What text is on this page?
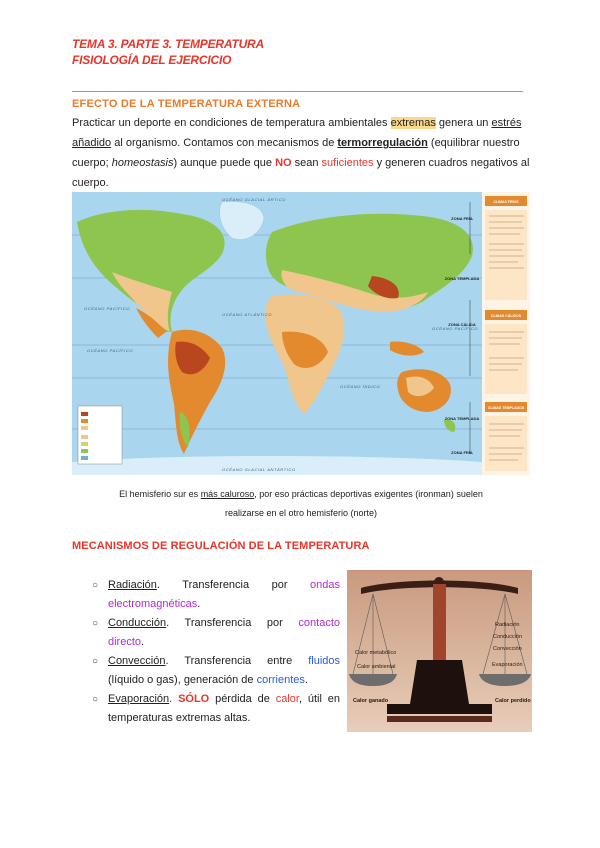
TEMA 3. PARTE 3. TEMPERATURA
FISIOLOGÍA DEL EJERCICIO
EFECTO DE LA TEMPERATURA EXTERNA
Practicar un deporte en condiciones de temperatura ambientales extremas genera un estrés añadido al organismo. Contamos con mecanismos de termorregulación (equilibrar nuestro cuerpo; homeostasis) aunque puede que NO sean suficientes y generen cuadros negativos al cuerpo.
OCÉANO GLACIAL ÁRTICO
OCÉANO GLACIAL ANTÁRTICO
OCÉANO PACÍFICO
OCÉANO PACÍFICO
OCÉANO ATLÁNTICO
OCÉANO ÍNDICO
OCÉANO PACÍFICO
ZONA FRÍA
ZONA TEMPLADA
ZONA CÁLIDA
ZONA TEMPLADA
ZONA FRÍA
CLIMAS FRÍOS
CLIMAS CÁLIDOS
CLIMAS TEMPLADOS
El hemisferio sur es más caluroso, por eso prácticas deportivas exigentes (ironman) suelen
realizarse en el otro hemisferio (norte)
MECANISMOS DE REGULACIÓN DE LA TEMPERATURA
○ Radiación. Transferencia por ondas electromagnéticas.
○ Conducción. Transferencia por contacto directo.
○ Convección. Transferencia entre fluidos (líquido o gas), generación de corrientes.
○ Evaporación. SÓLO pérdida de calor, útil en temperaturas extremas altas.
Radiación
Conducción
Convección
Evaporación
Calor metabólico
Calor ambiental
Calor ganado	Calor perdido
